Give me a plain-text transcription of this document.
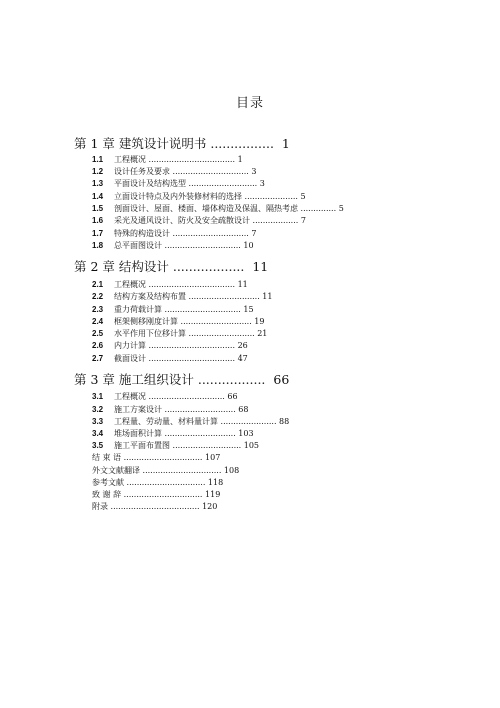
目录
第 1 章 建筑设计说明书 ................ 1
1.1 工程概况 .................................. 1
1.2 设计任务及要求 .............................. 3
1.3 平面设计及结构选型 ........................... 3
1.4 立面设计特点及内外装修材料的选择 ..................... 5
1.5 剖面设计、屋面、楼面、墙体构造及保温、隔热考虑 .............. 5
1.6 采光及通风设计、防火及安全疏散设计 .................. 7
1.7 特殊的构造设计 .............................. 7
1.8 总平面图设计 .............................. 10
第 2 章 结构设计 .................. 11
2.1 工程概况 .................................. 11
2.2 结构方案及结构布置 ............................ 11
2.3 重力荷载计算 .............................. 15
2.4 框架侧移刚度计算 ............................ 19
2.5 水平作用下位移计算 .......................... 21
2.6 内力计算 .................................. 26
2.7 截面设计 .................................. 47
第 3 章 施工组织设计 ................. 66
3.1 工程概况 .............................. 66
3.2 施工方案设计 ............................ 68
3.3 工程量、劳动量、材料量计算 ...................... 88
3.4 堆场面积计算 ............................ 103
3.5 施工平面布置图 ........................... 105
结 束 语 ............................... 107
外文文献翻译 ............................... 108
参考文献 ............................... 118
致 谢 辞 ............................... 119
附录 ................................... 120
